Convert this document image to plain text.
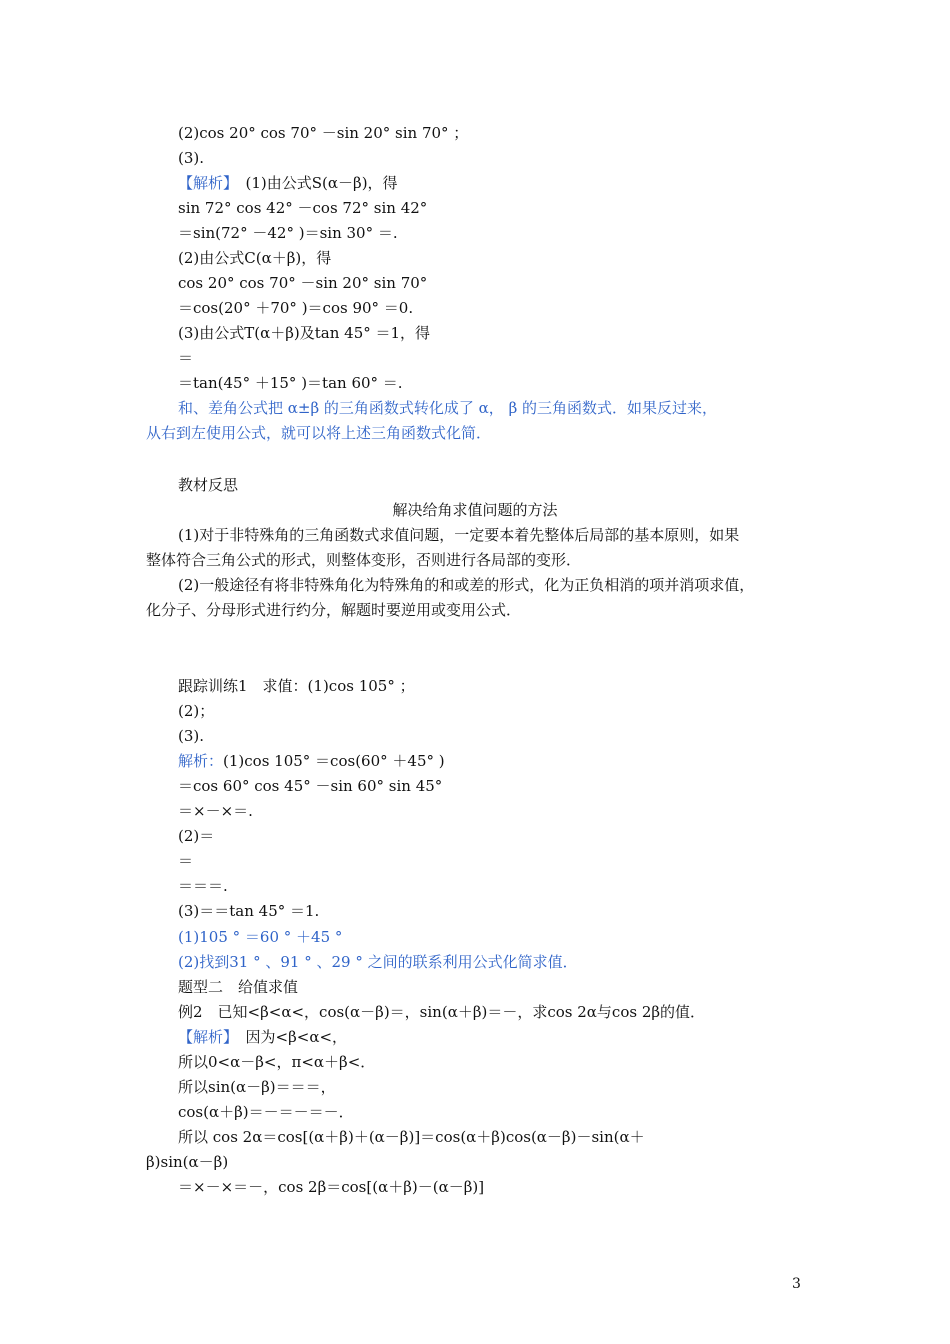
(2)cos 20° cos 70° －sin 20° sin 70° ；
(3).
【解析】　(1)由公式S(α－β)，得
sin 72° cos 42° －cos 72° sin 42°
＝sin(72° －42° )＝sin 30° ＝.
(2)由公式C(α＋β)，得
cos 20° cos 70° －sin 20° sin 70°
＝cos(20° ＋70° )＝cos 90° ＝0.
(3)由公式T(α＋β)及tan 45° ＝1，得
＝
＝tan(45° ＋15° )＝tan 60° ＝.
和、差角公式把 α±β 的三角函数式转化成了 α， β 的三角函数式．如果反过来，
从右到左使用公式，就可以将上述三角函数式化简．
教材反思
解决给角求值问题的方法
(1)对于非特殊角的三角函数式求值问题，一定要本着先整体后局部的基本原则，如果
整体符合三角公式的形式，则整体变形，否则进行各局部的变形．
(2)一般途径有将非特殊角化为特殊角的和或差的形式，化为正负相消的项并消项求值，
化分子、分母形式进行约分，解题时要逆用或变用公式．
跟踪训练1　求值：(1)cos 105° ；
(2)；
(3).
解析：(1)cos 105° ＝cos(60° ＋45° )
＝cos 60° cos 45° －sin 60° sin 45°
＝×－×＝.
(2)＝
＝
＝＝＝.
(3)＝＝tan 45° ＝1.
(1)105 ° ＝60 ° ＋45 °
(2)找到31 ° 、91 ° 、29 ° 之间的联系利用公式化简求值．
题型二　给值求值
例2　已知<β<α<，cos(α－β)＝，sin(α＋β)＝－，求cos 2α与cos 2β的值．
【解析】　因为<β<α<，
所以0<α－β<，π<α＋β<．
所以sin(α－β)＝＝＝，
cos(α＋β)＝－＝－＝－．
所以 cos 2α＝cos[(α＋β)＋(α－β)]＝cos(α＋β)cos(α－β)－sin(α＋
β)sin(α－β)
＝×－×＝－，cos 2β＝cos[(α＋β)－(α－β)]
3
